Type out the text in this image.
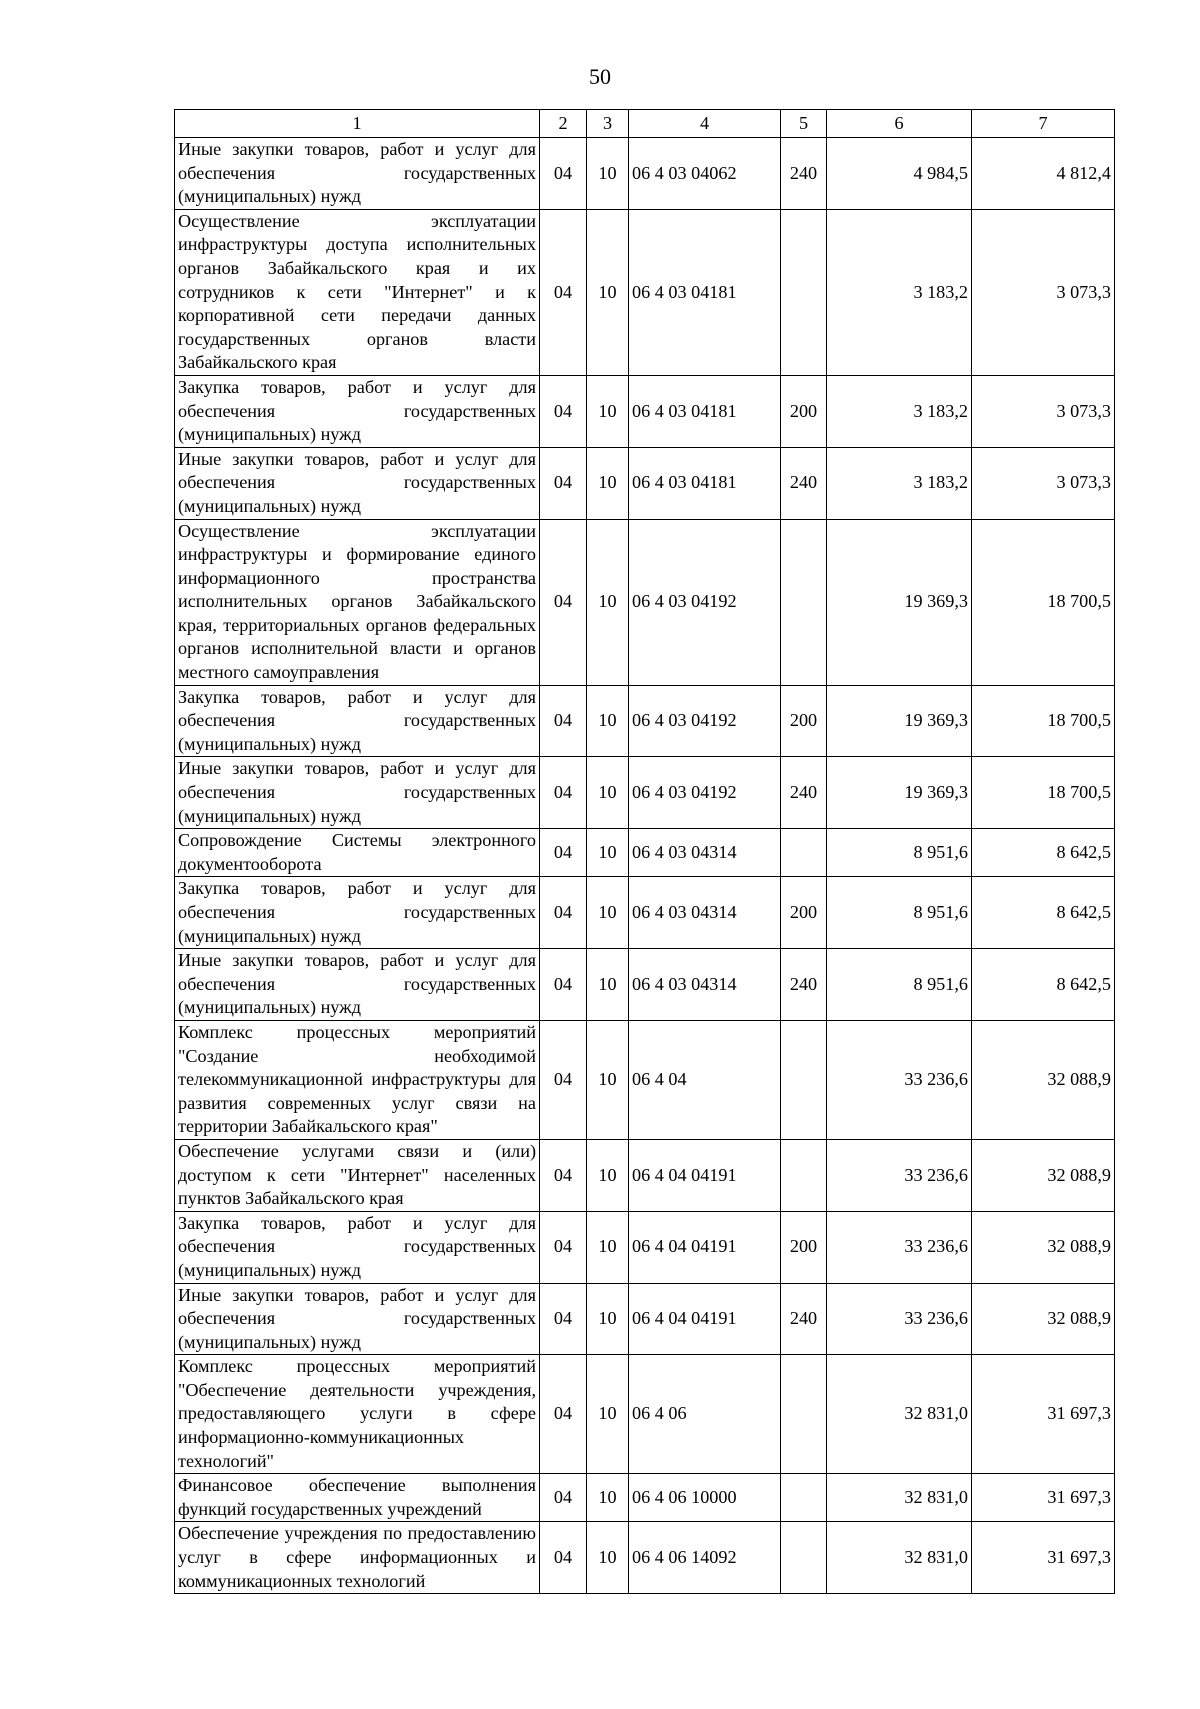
50
1	2	3	4	5	6	7
Иные закупки товаров, работ и услуг для обеспечения государственных (муниципальных) нужд	04	10	06 4 03 04062	240	4 984,5	4 812,4
Осуществление эксплуатации инфраструктуры доступа исполнительных органов Забайкальского края и их сотрудников к сети "Интернет" и к корпоративной сети передачи данных государственных органов власти Забайкальского края	04	10	06 4 03 04181		3 183,2	3 073,3
Закупка товаров, работ и услуг для обеспечения государственных (муниципальных) нужд	04	10	06 4 03 04181	200	3 183,2	3 073,3
Иные закупки товаров, работ и услуг для обеспечения государственных (муниципальных) нужд	04	10	06 4 03 04181	240	3 183,2	3 073,3
Осуществление эксплуатации инфраструктуры и формирование единого информационного пространства исполнительных органов Забайкальского края, территориальных органов федеральных органов исполнительной власти и органов местного самоуправления	04	10	06 4 03 04192		19 369,3	18 700,5
Закупка товаров, работ и услуг для обеспечения государственных (муниципальных) нужд	04	10	06 4 03 04192	200	19 369,3	18 700,5
Иные закупки товаров, работ и услуг для обеспечения государственных (муниципальных) нужд	04	10	06 4 03 04192	240	19 369,3	18 700,5
Сопровождение Системы электронного документооборота	04	10	06 4 03 04314		8 951,6	8 642,5
Закупка товаров, работ и услуг для обеспечения государственных (муниципальных) нужд	04	10	06 4 03 04314	200	8 951,6	8 642,5
Иные закупки товаров, работ и услуг для обеспечения государственных (муниципальных) нужд	04	10	06 4 03 04314	240	8 951,6	8 642,5
Комплекс процессных мероприятий "Создание необходимой телекоммуникационной инфраструктуры для развития современных услуг связи на территории Забайкальского края"	04	10	06 4 04		33 236,6	32 088,9
Обеспечение услугами связи и (или) доступом к сети "Интернет" населенных пунктов Забайкальского края	04	10	06 4 04 04191		33 236,6	32 088,9
Закупка товаров, работ и услуг для обеспечения государственных (муниципальных) нужд	04	10	06 4 04 04191	200	33 236,6	32 088,9
Иные закупки товаров, работ и услуг для обеспечения государственных (муниципальных) нужд	04	10	06 4 04 04191	240	33 236,6	32 088,9
Комплекс процессных мероприятий "Обеспечение деятельности учреждения, предоставляющего услуги в сфере информационно-коммуникационных технологий"	04	10	06 4 06		32 831,0	31 697,3
Финансовое обеспечение выполнения функций государственных учреждений	04	10	06 4 06 10000		32 831,0	31 697,3
Обеспечение учреждения по предоставлению услуг в сфере информационных и коммуникационных технологий	04	10	06 4 06 14092		32 831,0	31 697,3
